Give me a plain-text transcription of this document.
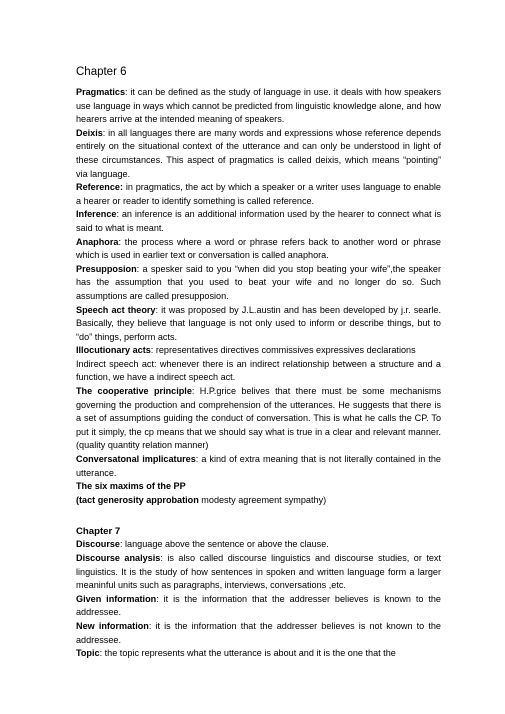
Chapter 6

Pragmatics: it can be defined as the study of language in use. it deals with how speakers use language in ways which cannot be predicted from linguistic knowledge alone, and how hearers arrive at the intended meaning of speakers.

Deixis: in all languages there are many words and expressions whose reference depends entirely on the situational context of the utterance and can only be understood in light of these circumstances. This aspect of pragmatics is called deixis, which means “pointing” via language.

Reference: in pragmatics, the act by which a speaker or a writer uses language to enable a hearer or reader to identify something is called reference.

Inference: an inference is an additional information used by the hearer to connect what is said to what is meant.

Anaphora: the process where a word or phrase refers back to another word or phrase which is used in earlier text or conversation is called anaphora.

Presupposion: a spesker said to you “when did you stop beating your wife”,the speaker has the assumption that you used to beat your wife and no longer do so. Such assumptions are called presupposion.

Speech act theory: it was proposed by J.L.austin and has been developed by j.r. searle. Basically, they believe that language is not only used to inform or describe things, but to “do” things, perform acts.

Illocutionary acts: representatives directives commissives expressives declarations

Indirect speech act: whenever there is an indirect relationship between a structure and a function, we have a indirect speech act.

The cooperative principle: H.P.grice belives that there must be some mechanisms governing the production and comprehension of the utterances. He suggests that there is a set of assumptions guiding the conduct of conversation. This is what he calls the CP. To put it simply, the cp means that we should say what is true in a clear and relevant manner.(quality quantity relation manner)

Conversatonal implicatures: a kind of extra meaning that is not literally contained in the utterance.

The six maxims of the PP

(tact generosity approbation modesty agreement sympathy)

Chapter 7

Discourse: language above the sentence or above the clause.

Discourse analysis: is also called discourse linguistics and discourse studies, or text linguistics. It is the study of how sentences in spoken and written language form a larger meaninful units such as paragraphs, interviews, conversations ,etc.

Given information: it is the information that the addresser believes is known to the addressee.

New information: it is the information that the addresser believes is not known to the addressee.

Topic: the topic represents what the utterance is about and it is the one that the
